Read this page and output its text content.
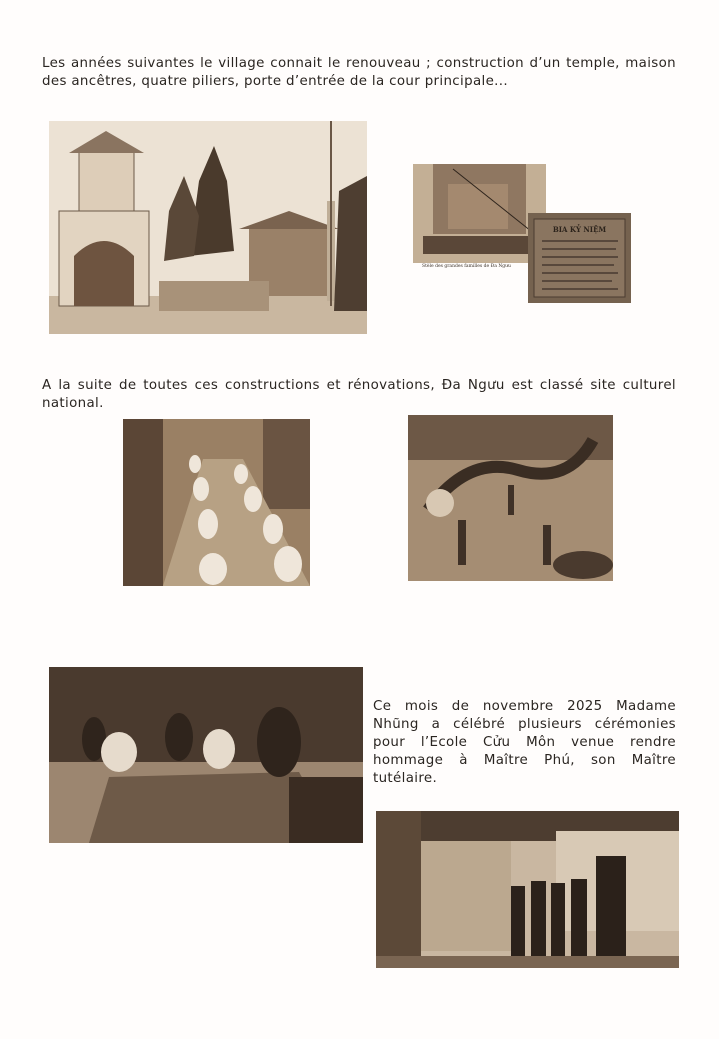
Les années suivantes le village connait le renouveau ; construction d’un temple, maison des ancêtres, quatre piliers, porte d’entrée de la cour principale...

Stèle des grandes familles de Đa Ngưu
BIA KỶ NIỆM

A la suite de toutes ces constructions et rénovations, Đa Ngưu est classé site culturel national.

Ce mois de novembre 2025 Madame Nhũng a célébré plusieurs cérémonies pour l’Ecole Cửu Môn venue rendre hommage à Maître Phú, son Maître tutélaire.
